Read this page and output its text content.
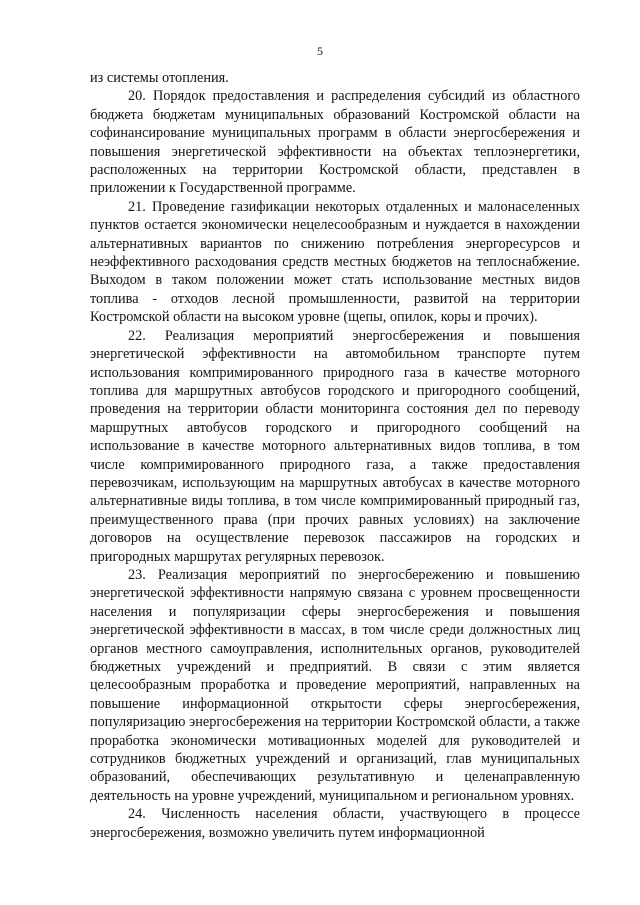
5

из системы отопления.

20. Порядок предоставления и распределения субсидий из областного бюджета бюджетам муниципальных образований Костромской области на софинансирование муниципальных программ в области энергосбережения и повышения энергетической эффективности на объектах теплоэнергетики, расположенных на территории Костромской области, представлен в приложении к Государственной программе.

21. Проведение газификации некоторых отдаленных и малонаселенных пунктов остается экономически нецелесообразным и нуждается в нахождении альтернативных вариантов по снижению потребления энергоресурсов и неэффективного расходования средств местных бюджетов на теплоснабжение. Выходом в таком положении может стать использование местных видов топлива - отходов лесной промышленности, развитой на территории Костромской области на высоком уровне (щепы, опилок, коры и прочих).

22. Реализация мероприятий энергосбережения и повышения энергетической эффективности на автомобильном транспорте путем использования компримированного природного газа в качестве моторного топлива для маршрутных автобусов городского и пригородного сообщений, проведения на территории области мониторинга состояния дел по переводу маршрутных автобусов городского и пригородного сообщений на использование в качестве моторного альтернативных видов топлива, в том числе компримированного природного газа, а также предоставления перевозчикам, использующим на маршрутных автобусах в качестве моторного альтернативные виды топлива, в том числе компримированный природный газ, преимущественного права (при прочих равных условиях) на заключение договоров на осуществление перевозок пассажиров на городских и пригородных маршрутах регулярных перевозок.

23. Реализация мероприятий по энергосбережению и повышению энергетической эффективности напрямую связана с уровнем просвещенности населения и популяризации сферы энергосбережения и повышения энергетической эффективности в массах, в том числе среди должностных лиц органов местного самоуправления, исполнительных органов, руководителей бюджетных учреждений и предприятий. В связи с этим является целесообразным проработка и проведение мероприятий, направленных на повышение информационной открытости сферы энергосбережения, популяризацию энергосбережения на территории Костромской области, а также проработка экономически мотивационных моделей для руководителей и сотрудников бюджетных учреждений и организаций, глав муниципальных образований, обеспечивающих результативную и целенаправленную деятельность на уровне учреждений, муниципальном и региональном уровнях.

24. Численность населения области, участвующего в процессе энергосбережения, возможно увеличить путем информационной
